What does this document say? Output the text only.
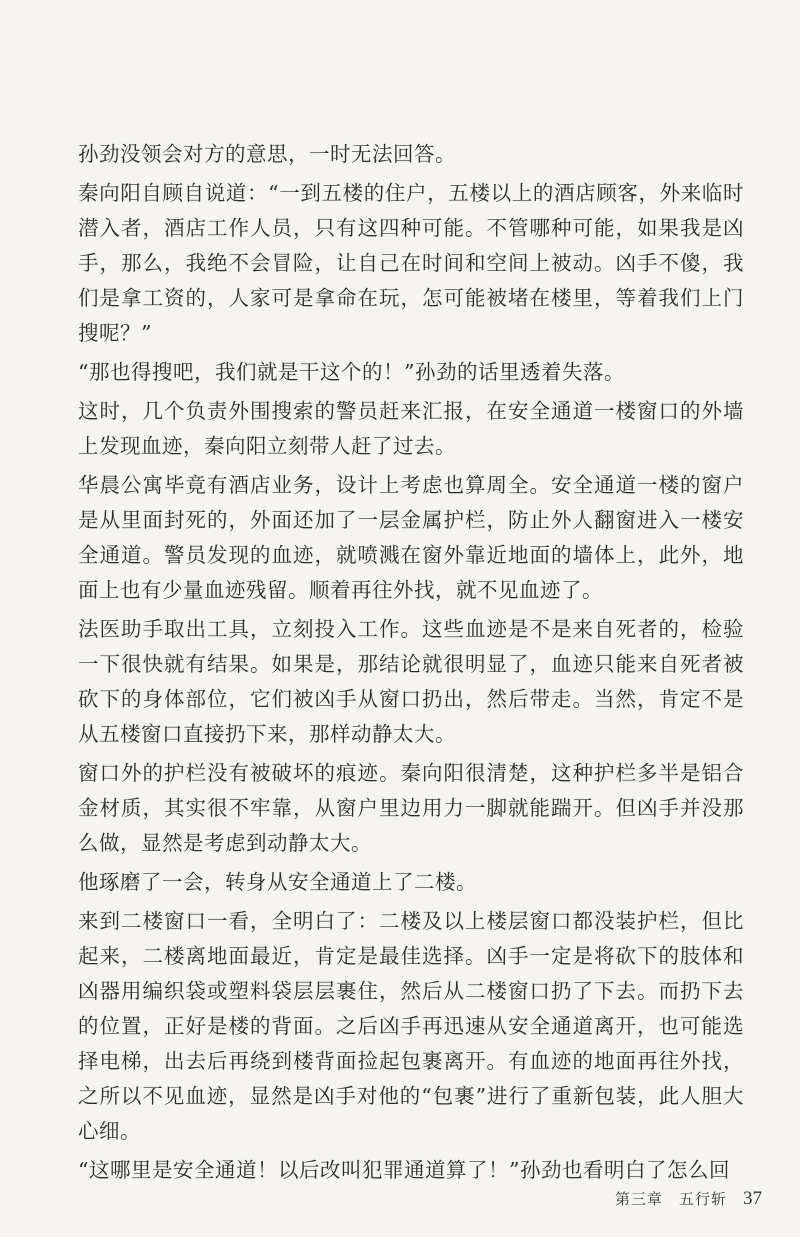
孙劲没领会对方的意思，一时无法回答。

秦向阳自顾自说道：“一到五楼的住户，五楼以上的酒店顾客，外来临时潜入者，酒店工作人员，只有这四种可能。不管哪种可能，如果我是凶手，那么，我绝不会冒险，让自己在时间和空间上被动。凶手不傻，我们是拿工资的，人家可是拿命在玩，怎可能被堵在楼里，等着我们上门搜呢？”

“那也得搜吧，我们就是干这个的！”孙劲的话里透着失落。

这时，几个负责外围搜索的警员赶来汇报，在安全通道一楼窗口的外墙上发现血迹，秦向阳立刻带人赶了过去。

华晨公寓毕竟有酒店业务，设计上考虑也算周全。安全通道一楼的窗户是从里面封死的，外面还加了一层金属护栏，防止外人翻窗进入一楼安全通道。警员发现的血迹，就喷溅在窗外靠近地面的墙体上，此外，地面上也有少量血迹残留。顺着再往外找，就不见血迹了。

法医助手取出工具，立刻投入工作。这些血迹是不是来自死者的，检验一下很快就有结果。如果是，那结论就很明显了，血迹只能来自死者被砍下的身体部位，它们被凶手从窗口扔出，然后带走。当然，肯定不是从五楼窗口直接扔下来，那样动静太大。

窗口外的护栏没有被破坏的痕迹。秦向阳很清楚，这种护栏多半是铝合金材质，其实很不牢靠，从窗户里边用力一脚就能踹开。但凶手并没那么做，显然是考虑到动静太大。

他琢磨了一会，转身从安全通道上了二楼。

来到二楼窗口一看，全明白了：二楼及以上楼层窗口都没装护栏，但比起来，二楼离地面最近，肯定是最佳选择。凶手一定是将砍下的肢体和凶器用编织袋或塑料袋层层裹住，然后从二楼窗口扔了下去。而扔下去的位置，正好是楼的背面。之后凶手再迅速从安全通道离开，也可能选择电梯，出去后再绕到楼背面捡起包裹离开。有血迹的地面再往外找，之所以不见血迹，显然是凶手对他的“包裹”进行了重新包装，此人胆大心细。

“这哪里是安全通道！以后改叫犯罪通道算了！”孙劲也看明白了怎么回

第三章　五行斩 37
